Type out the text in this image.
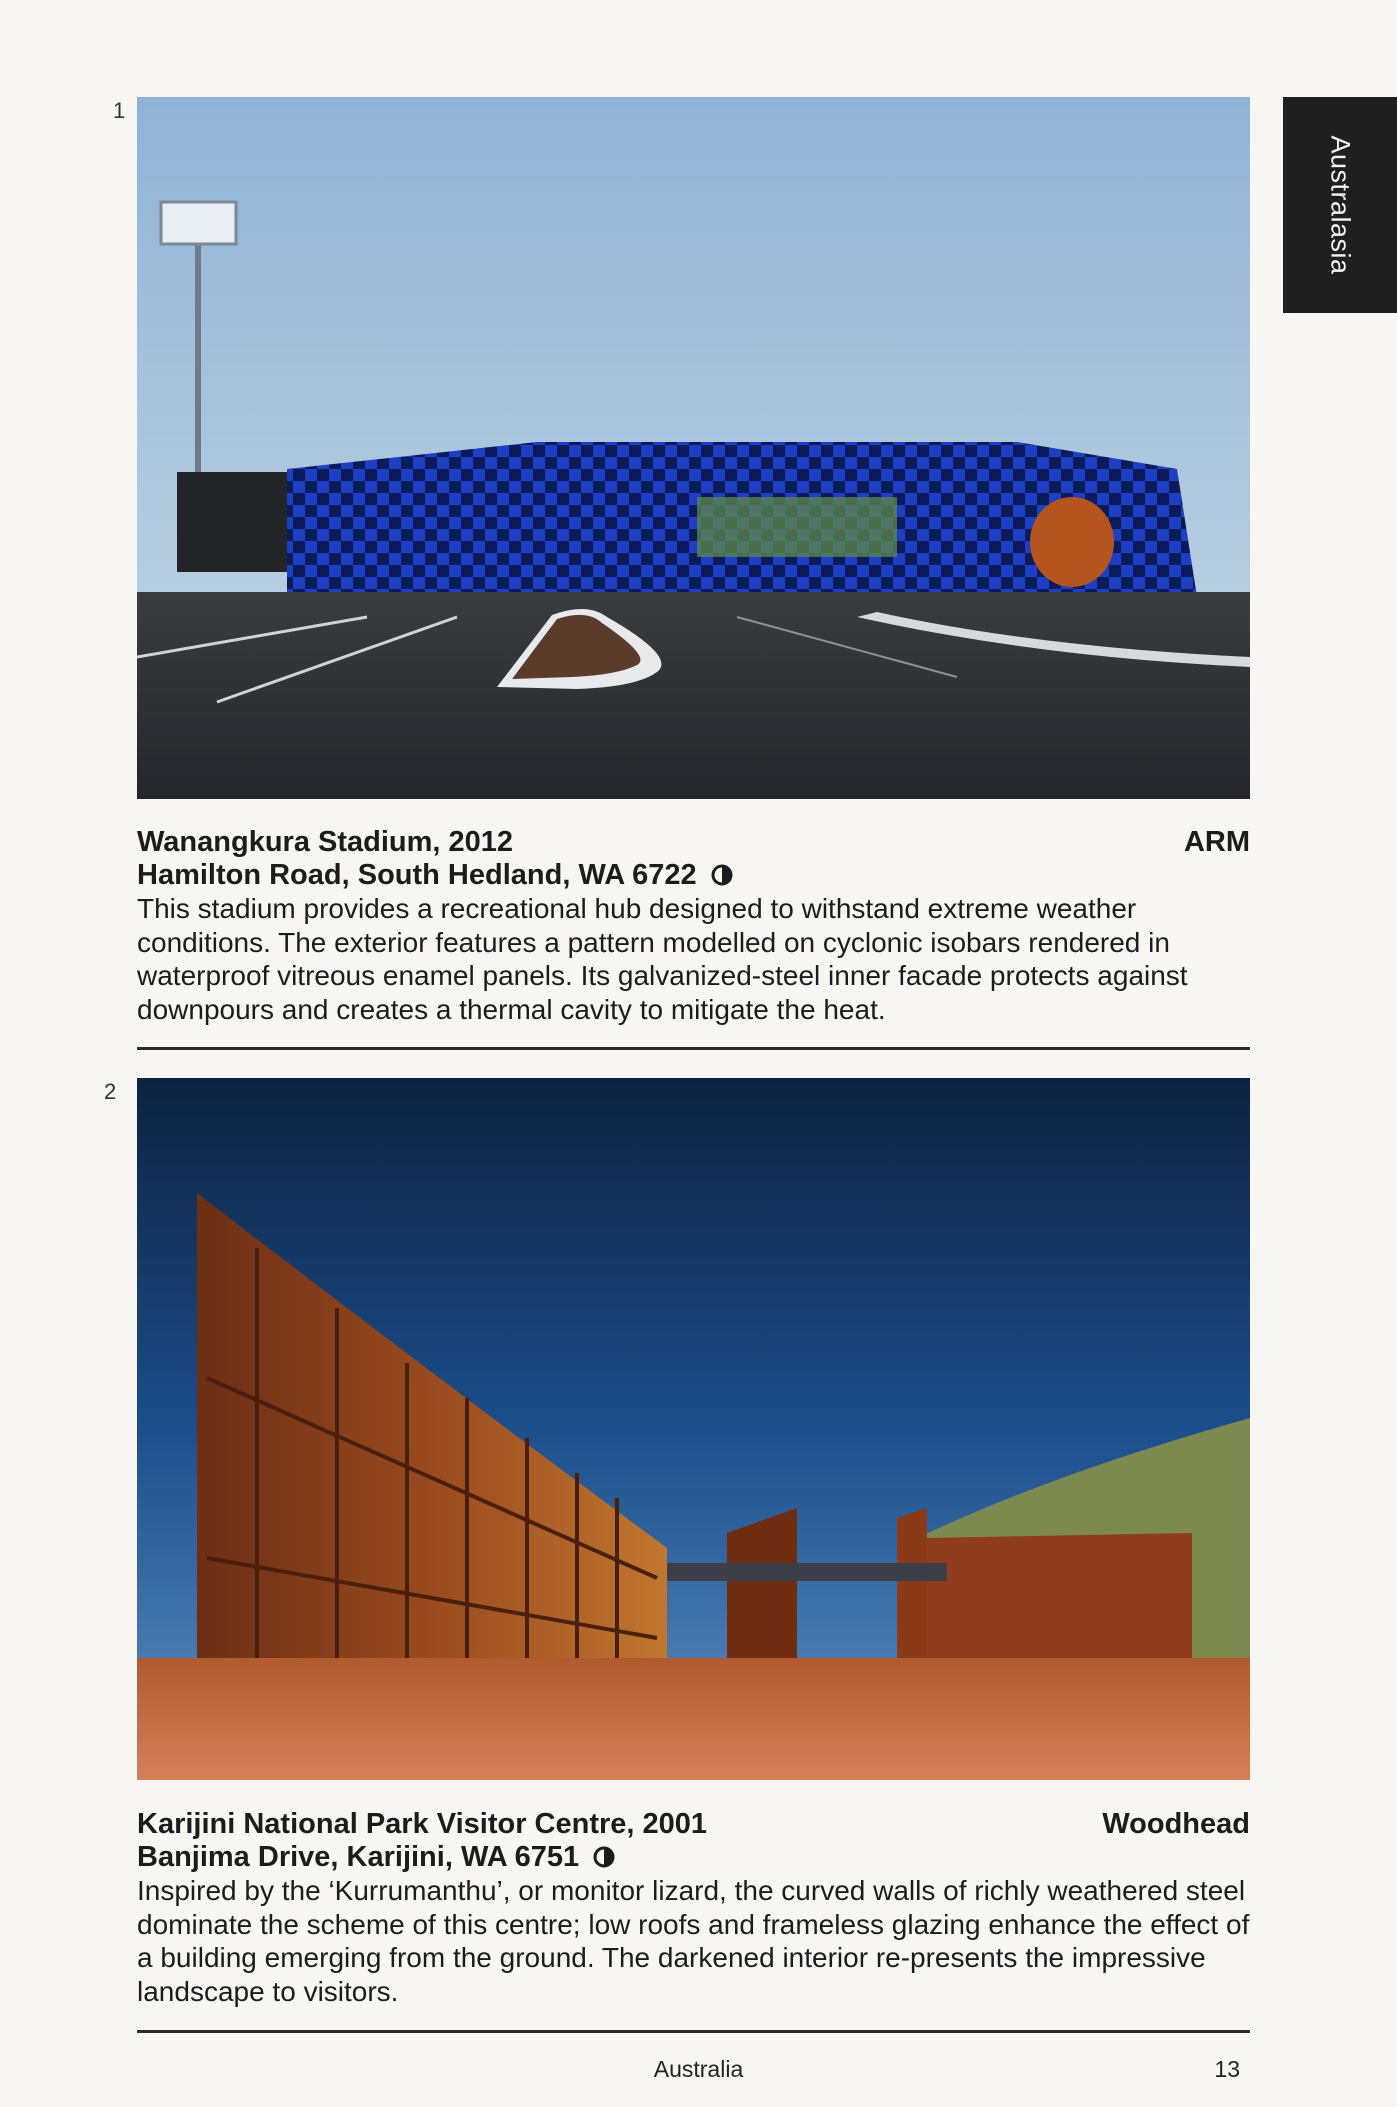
Australasia
1
Wanangkura Stadium, 2012	ARM
Hamilton Road, South Hedland, WA 6722
This stadium provides a recreational hub designed to withstand extreme weather conditions. The exterior features a pattern modelled on cyclonic isobars rendered in waterproof vitreous enamel panels. Its galvanized-steel inner facade protects against downpours and creates a thermal cavity to mitigate the heat.
2
Karijini National Park Visitor Centre, 2001	Woodhead
Banjima Drive, Karijini, WA 6751
Inspired by the ‘Kurrumanthu’, or monitor lizard, the curved walls of richly weathered steel dominate the scheme of this centre; low roofs and frameless glazing enhance the effect of a building emerging from the ground. The darkened interior re-presents the impressive landscape to visitors.
Australia	13
